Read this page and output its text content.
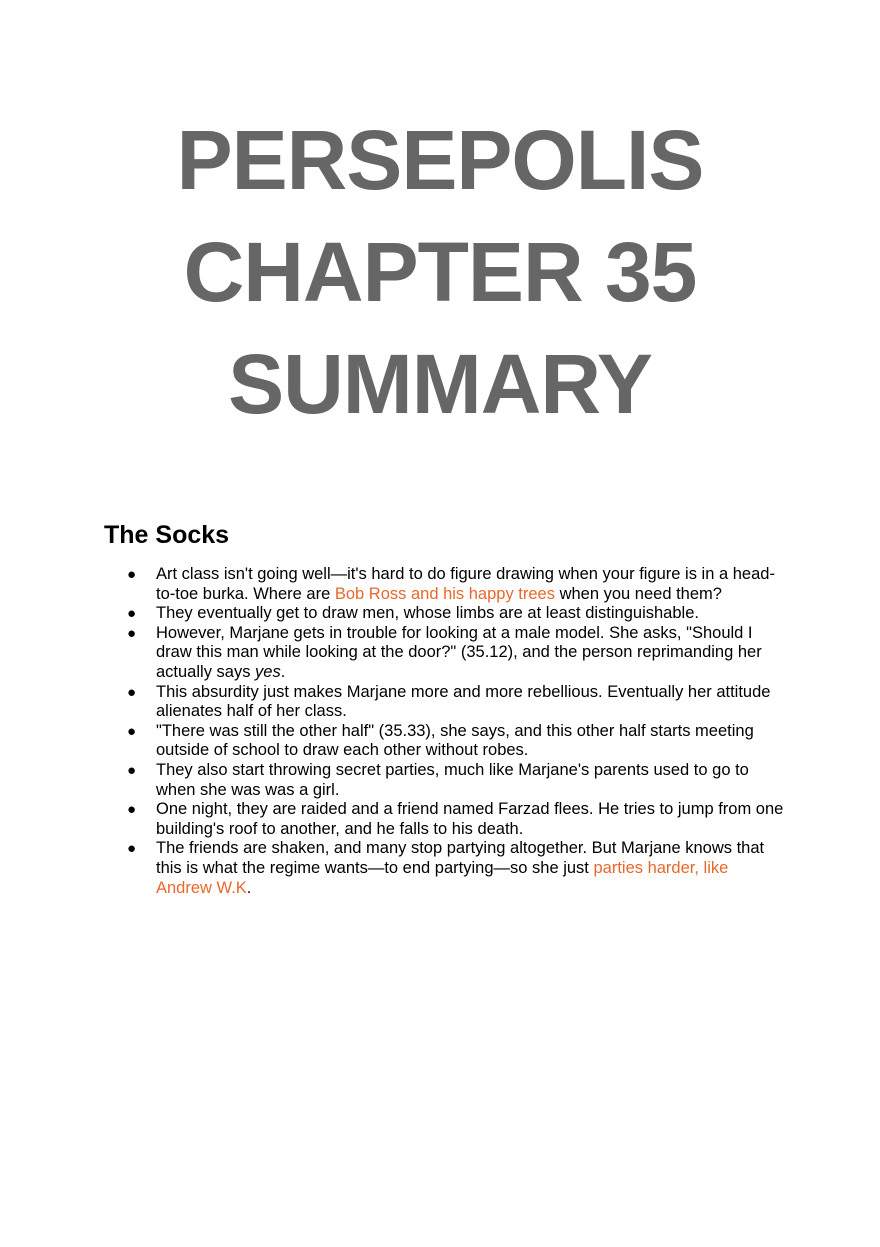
PERSEPOLIS
CHAPTER 35
SUMMARY
The Socks
● Art class isn't going well—it's hard to do figure drawing when your figure is in a head-to-toe burka. Where are Bob Ross and his happy trees when you need them?
● They eventually get to draw men, whose limbs are at least distinguishable.
● However, Marjane gets in trouble for looking at a male model. She asks, "Should I draw this man while looking at the door?" (35.12), and the person reprimanding her actually says yes.
● This absurdity just makes Marjane more and more rebellious. Eventually her attitude alienates half of her class.
● "There was still the other half" (35.33), she says, and this other half starts meeting outside of school to draw each other without robes.
● They also start throwing secret parties, much like Marjane's parents used to go to when she was was a girl.
● One night, they are raided and a friend named Farzad flees. He tries to jump from one building's roof to another, and he falls to his death.
● The friends are shaken, and many stop partying altogether. But Marjane knows that this is what the regime wants—to end partying—so she just parties harder, like Andrew W.K.
